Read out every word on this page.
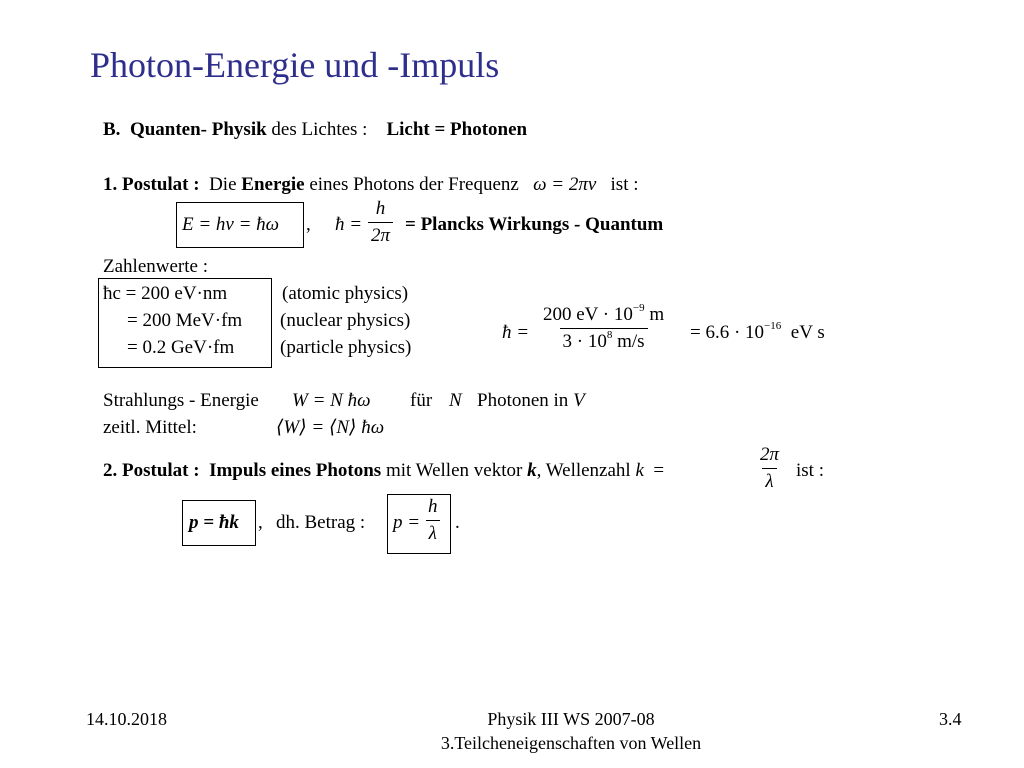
Photon-Energie und -Impuls
B. Quanten- Physik des Lichtes : Licht = Photonen
1. Postulat : Die Energie eines Photons der Frequenz ω = 2πν ist :
E = hν = ħω , ħ = $\frac{h}{2\pi}$ = Plancks Wirkungs - Quantum
Zahlenwerte :
ħc = 200 eV·nm	(atomic physics)
= 200 MeV·fm (nuclear physics)
= 0.2 GeV·fm (particle physics)
ħ = $\frac{200 eV \cdot 10^{-9} m}{3 \cdot 10^8 m/s} = 6.6 \cdot 10^{-16}$ eV s
Strahlungs - Energie W = N ħω für N Photonen in V
zeitl. Mittel:	⟨W⟩ = ⟨N⟩ ħω
2. Postulat : Impuls eines Photons mit Wellen vektor k, Wellenzahl k =	$\frac{2\pi}{\lambda}$ ist :
p = ħk , dh. Betrag : $p = \frac{h}{\lambda}$ .
14.10.2018	Physik III WS 2007-08
3.Teilcheneigenschaften von Wellen
3.4
